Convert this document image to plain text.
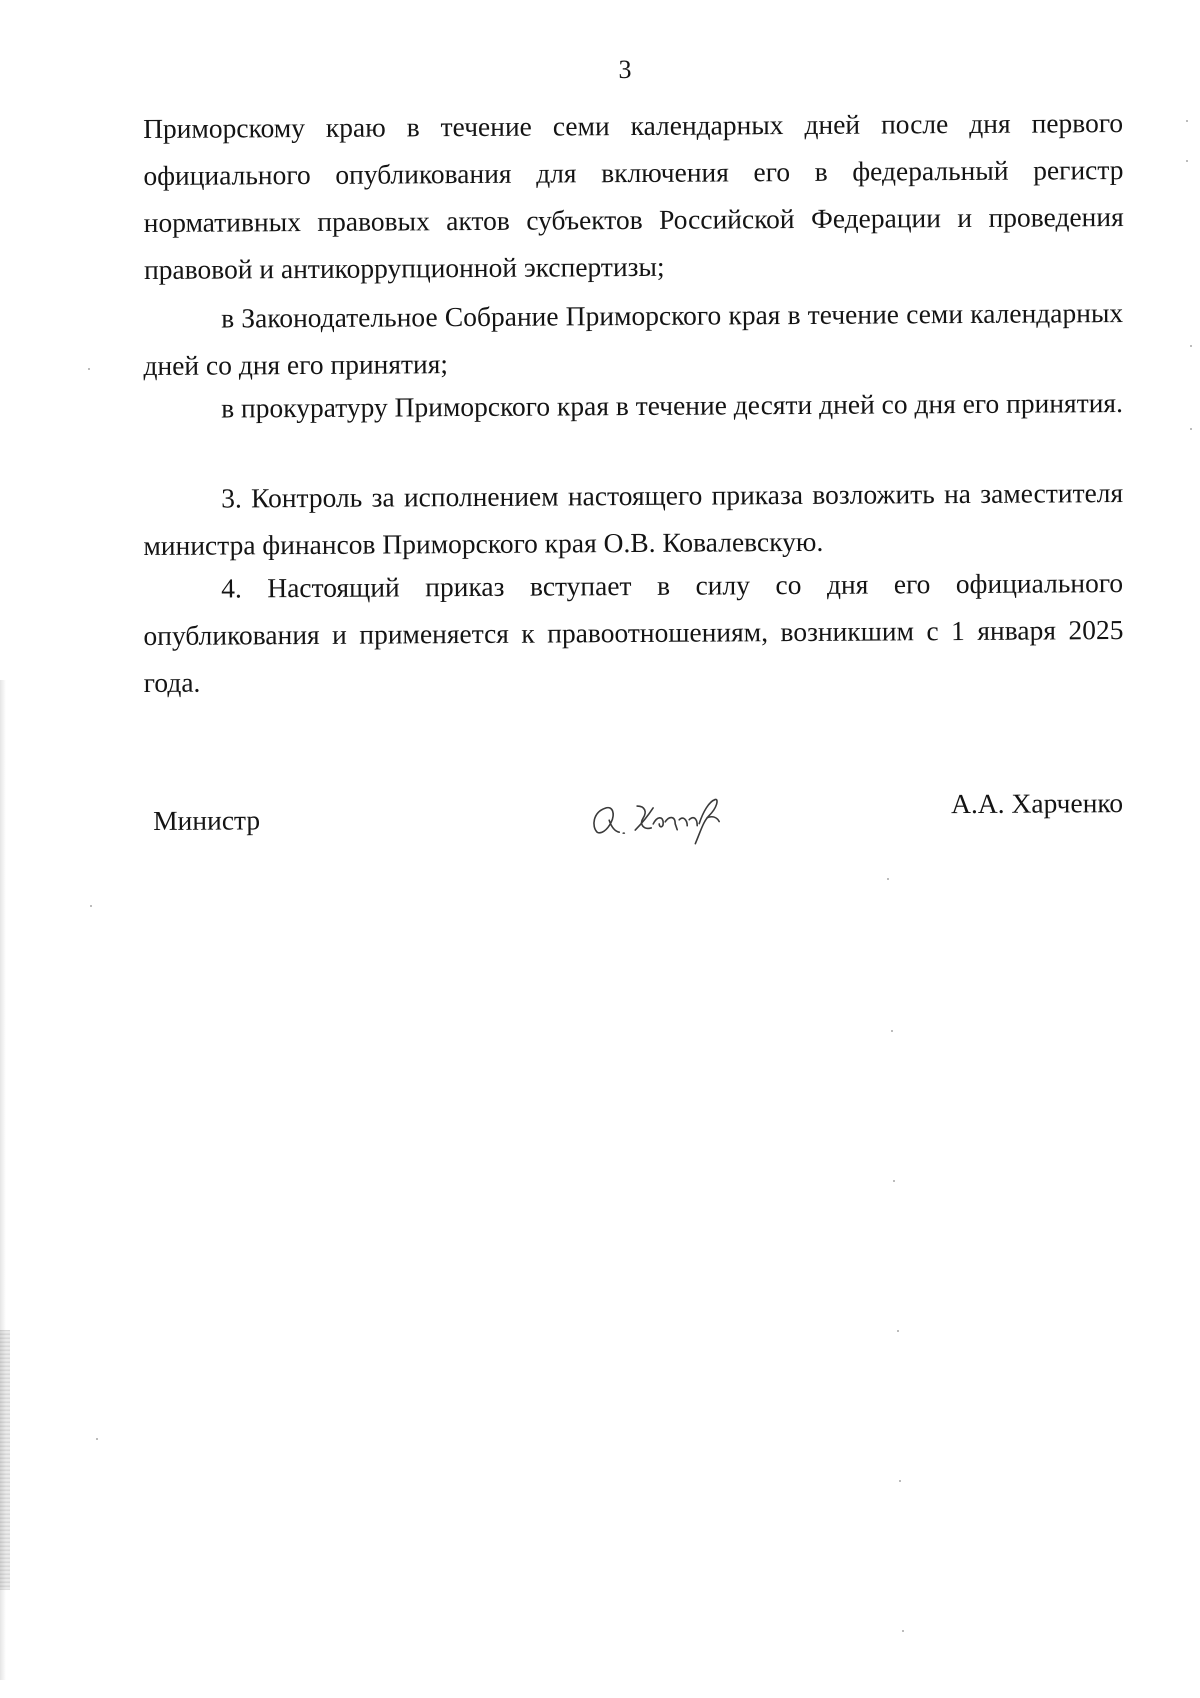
3

Приморскому краю в течение семи календарных дней после дня первого официального опубликования для включения его в федеральный регистр нормативных правовых актов субъектов Российской Федерации и проведения правовой и антикоррупционной экспертизы;

в Законодательное Собрание Приморского края в течение семи календарных дней со дня его принятия;

в прокуратуру Приморского края в течение десяти дней со дня его принятия.

3. Контроль за исполнением настоящего приказа возложить на заместителя министра финансов Приморского края О.В. Ковалевскую.

4. Настоящий приказ вступает в силу со дня его официального опубликования и применяется к правоотношениям, возникшим с 1 января 2025 года.

Министр
А.А. Харченко
